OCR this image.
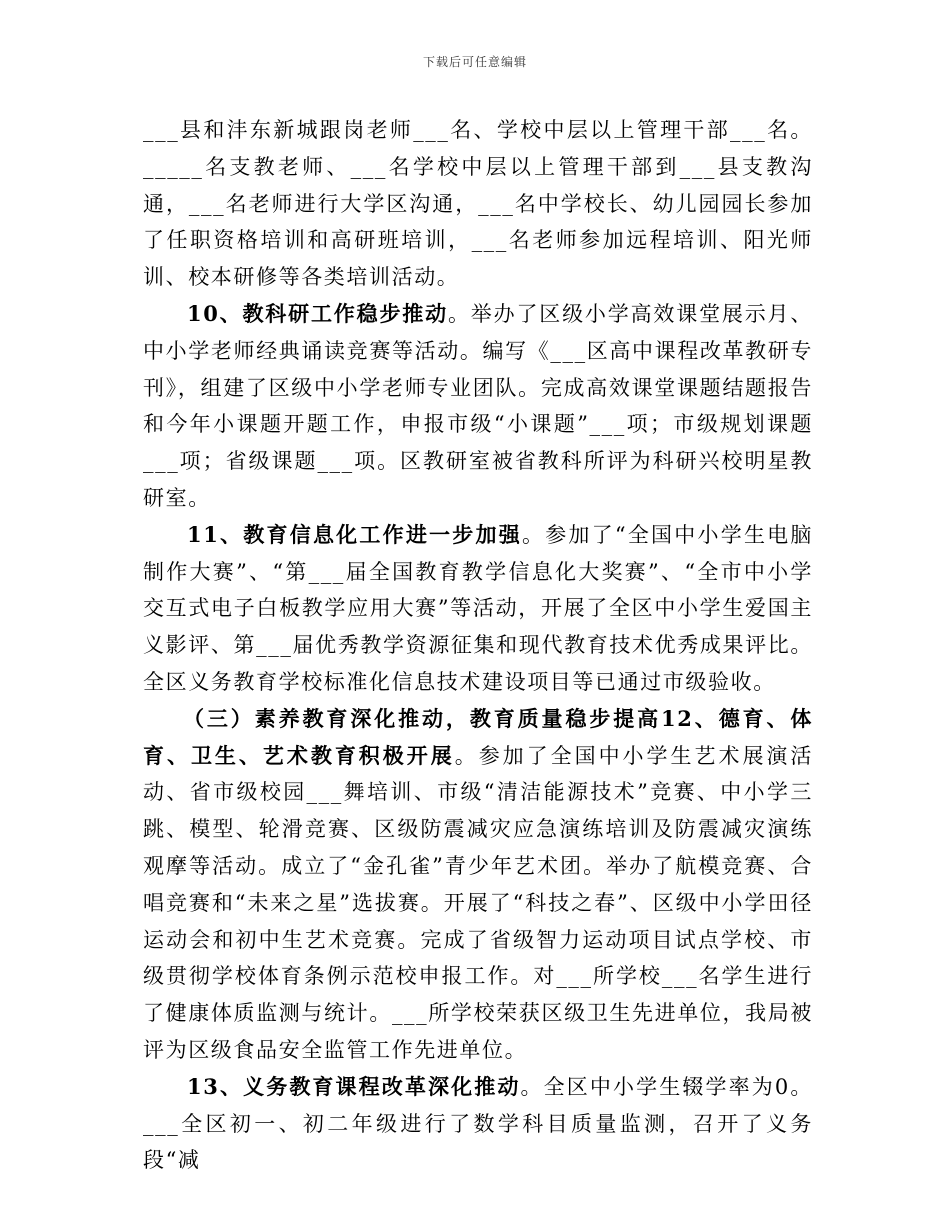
下载后可任意编辑

___县和沣东新城跟岗老师___名、学校中层以上管理干部___名。_____名支教老师、___名学校中层以上管理干部到___县支教沟通，___名老师进行大学区沟通，___名中学校长、幼儿园园长参加了任职资格培训和高研班培训，___名老师参加远程培训、阳光师训、校本研修等各类培训活动。

10、教科研工作稳步推动。举办了区级小学高效课堂展示月、中小学老师经典诵读竞赛等活动。编写《___区高中课程改革教研专刊》，组建了区级中小学老师专业团队。完成高效课堂课题结题报告和今年小课题开题工作，申报市级“小课题”___项；市级规划课题___项；省级课题___项。区教研室被省教科所评为科研兴校明星教研室。

11、教育信息化工作进一步加强。参加了“全国中小学生电脑制作大赛”、“第___届全国教育教学信息化大奖赛”、“全市中小学交互式电子白板教学应用大赛”等活动，开展了全区中小学生爱国主义影评、第___届优秀教学资源征集和现代教育技术优秀成果评比。全区义务教育学校标准化信息技术建设项目等已通过市级验收。

（三）素养教育深化推动，教育质量稳步提高12、德育、体育、卫生、艺术教育积极开展。参加了全国中小学生艺术展演活动、省市级校园___舞培训、市级“清洁能源技术”竞赛、中小学三跳、模型、轮滑竞赛、区级防震减灾应急演练培训及防震减灾演练观摩等活动。成立了“金孔雀”青少年艺术团。举办了航模竞赛、合唱竞赛和“未来之星”选拔赛。开展了“科技之春”、区级中小学田径运动会和初中生艺术竞赛。完成了省级智力运动项目试点学校、市级贯彻学校体育条例示范校申报工作。对___所学校___名学生进行了健康体质监测与统计。___所学校荣获区级卫生先进单位，我局被评为区级食品安全监管工作先进单位。

13、义务教育课程改革深化推动。全区中小学生辍学率为0。___全区初一、初二年级进行了数学科目质量监测，召开了义务段“减
